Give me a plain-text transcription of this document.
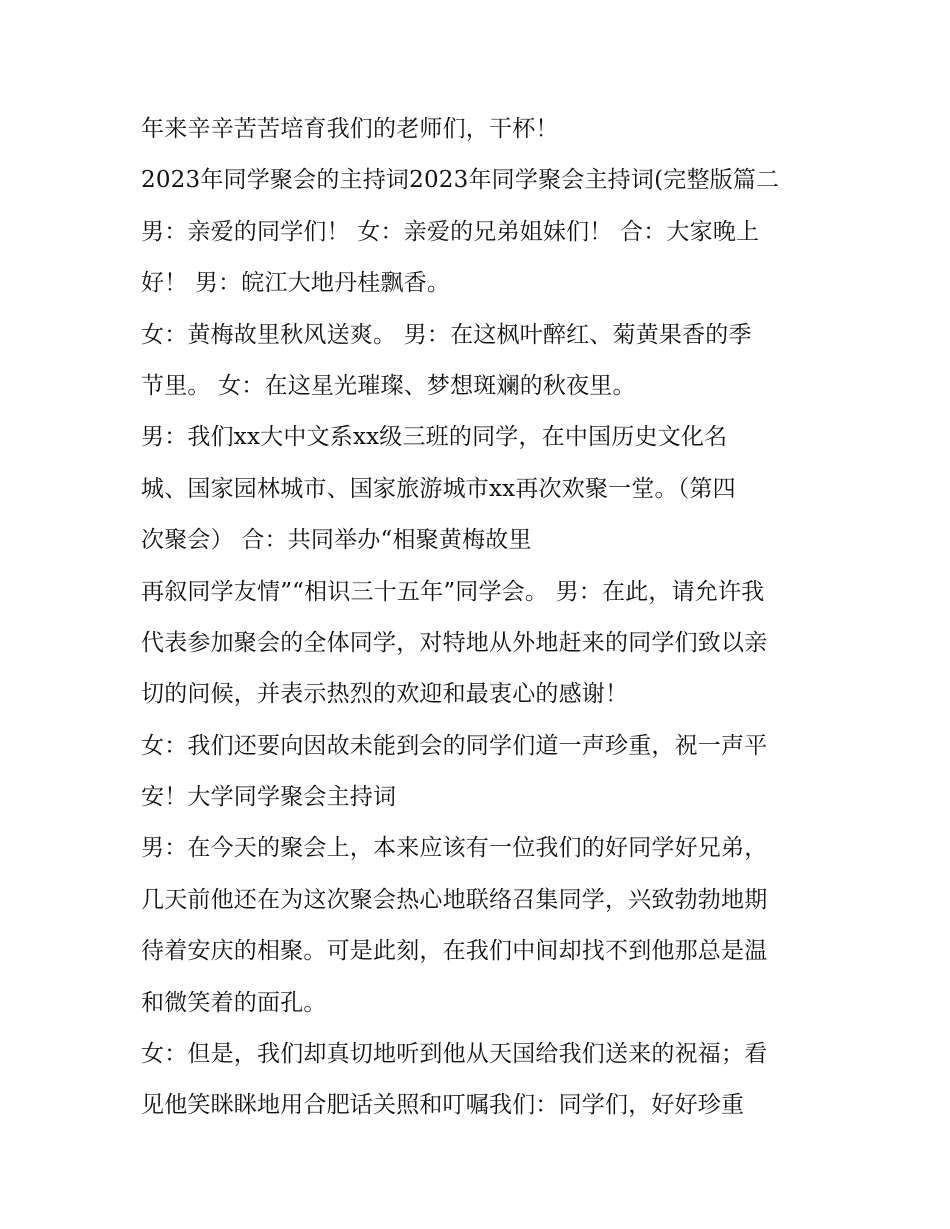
年来辛辛苦苦培育我们的老师们，干杯！
2023年同学聚会的主持词2023年同学聚会主持词(完整版篇二
男：亲爱的同学们！ 女：亲爱的兄弟姐妹们！ 合：大家晚上
好！ 男：皖江大地丹桂飘香。
女：黄梅故里秋风送爽。 男：在这枫叶醉红、菊黄果香的季
节里。 女：在这星光璀璨、梦想斑斓的秋夜里。
男：我们xx大中文系xx级三班的同学，在中国历史文化名
城、国家园林城市、国家旅游城市xx再次欢聚一堂。（第四
次聚会） 合：共同举办“相聚黄梅故里
再叙同学友情”“相识三十五年”同学会。 男：在此，请允许我
代表参加聚会的全体同学，对特地从外地赶来的同学们致以亲
切的问候，并表示热烈的欢迎和最衷心的感谢！
女：我们还要向因故未能到会的同学们道一声珍重，祝一声平
安！大学同学聚会主持词
男：在今天的聚会上，本来应该有一位我们的好同学好兄弟，
几天前他还在为这次聚会热心地联络召集同学，兴致勃勃地期
待着安庆的相聚。可是此刻，在我们中间却找不到他那总是温
和微笑着的面孔。
女：但是，我们却真切地听到他从天国给我们送来的祝福；看
见他笑眯眯地用合肥话关照和叮嘱我们：同学们，好好珍重
